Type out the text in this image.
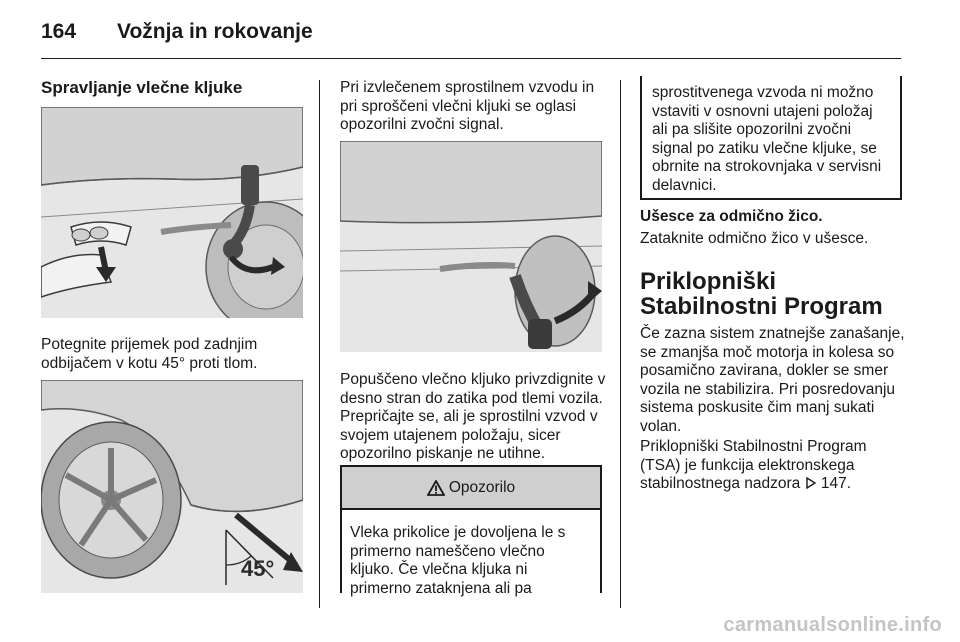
164 Vožnja in rokovanje
Spravljanje vlečne kljuke

Potegnite prijemek pod zadnjim odbijačem v kotu 45° proti tlom.

45°

Pri izvlečenem sprostilnem vzvodu in pri sproščeni vlečni kljuki se oglasi opozorilni zvočni signal.

Popuščeno vlečno kljuko privzdignite v desno stran do zatika pod tlemi vozila. Prepričajte se, ali je sprostilni vzvod v svojem utajenem položaju, sicer opozorilno piskanje ne utihne.

Opozorilo

Vleka prikolice je dovoljena le s primerno nameščeno vlečno kljuko. Če vlečna kljuka ni primerno zataknjena ali pa

sprostitvenega vzvoda ni možno vstaviti v osnovni utajeni položaj ali pa slišite opozorilni zvočni signal po zatiku vlečne kljuke, se obrnite na strokovnjaka v servisni delavnici.

Ušesce za odmično žico.

Zataknite odmično žico v ušesce.

Priklopniški Stabilnostni Program

Če zazna sistem znatnejše zanašanje, se zmanjša moč motorja in kolesa so posamično zavirana, dokler se smer vozila ne stabilizira. Pri posredovanju sistema poskusite čim manj sukati volan.

Priklopniški Stabilnostni Program (TSA) je funkcija elektronskega stabilnostnega nadzora 147.

carmanualsonline.info
